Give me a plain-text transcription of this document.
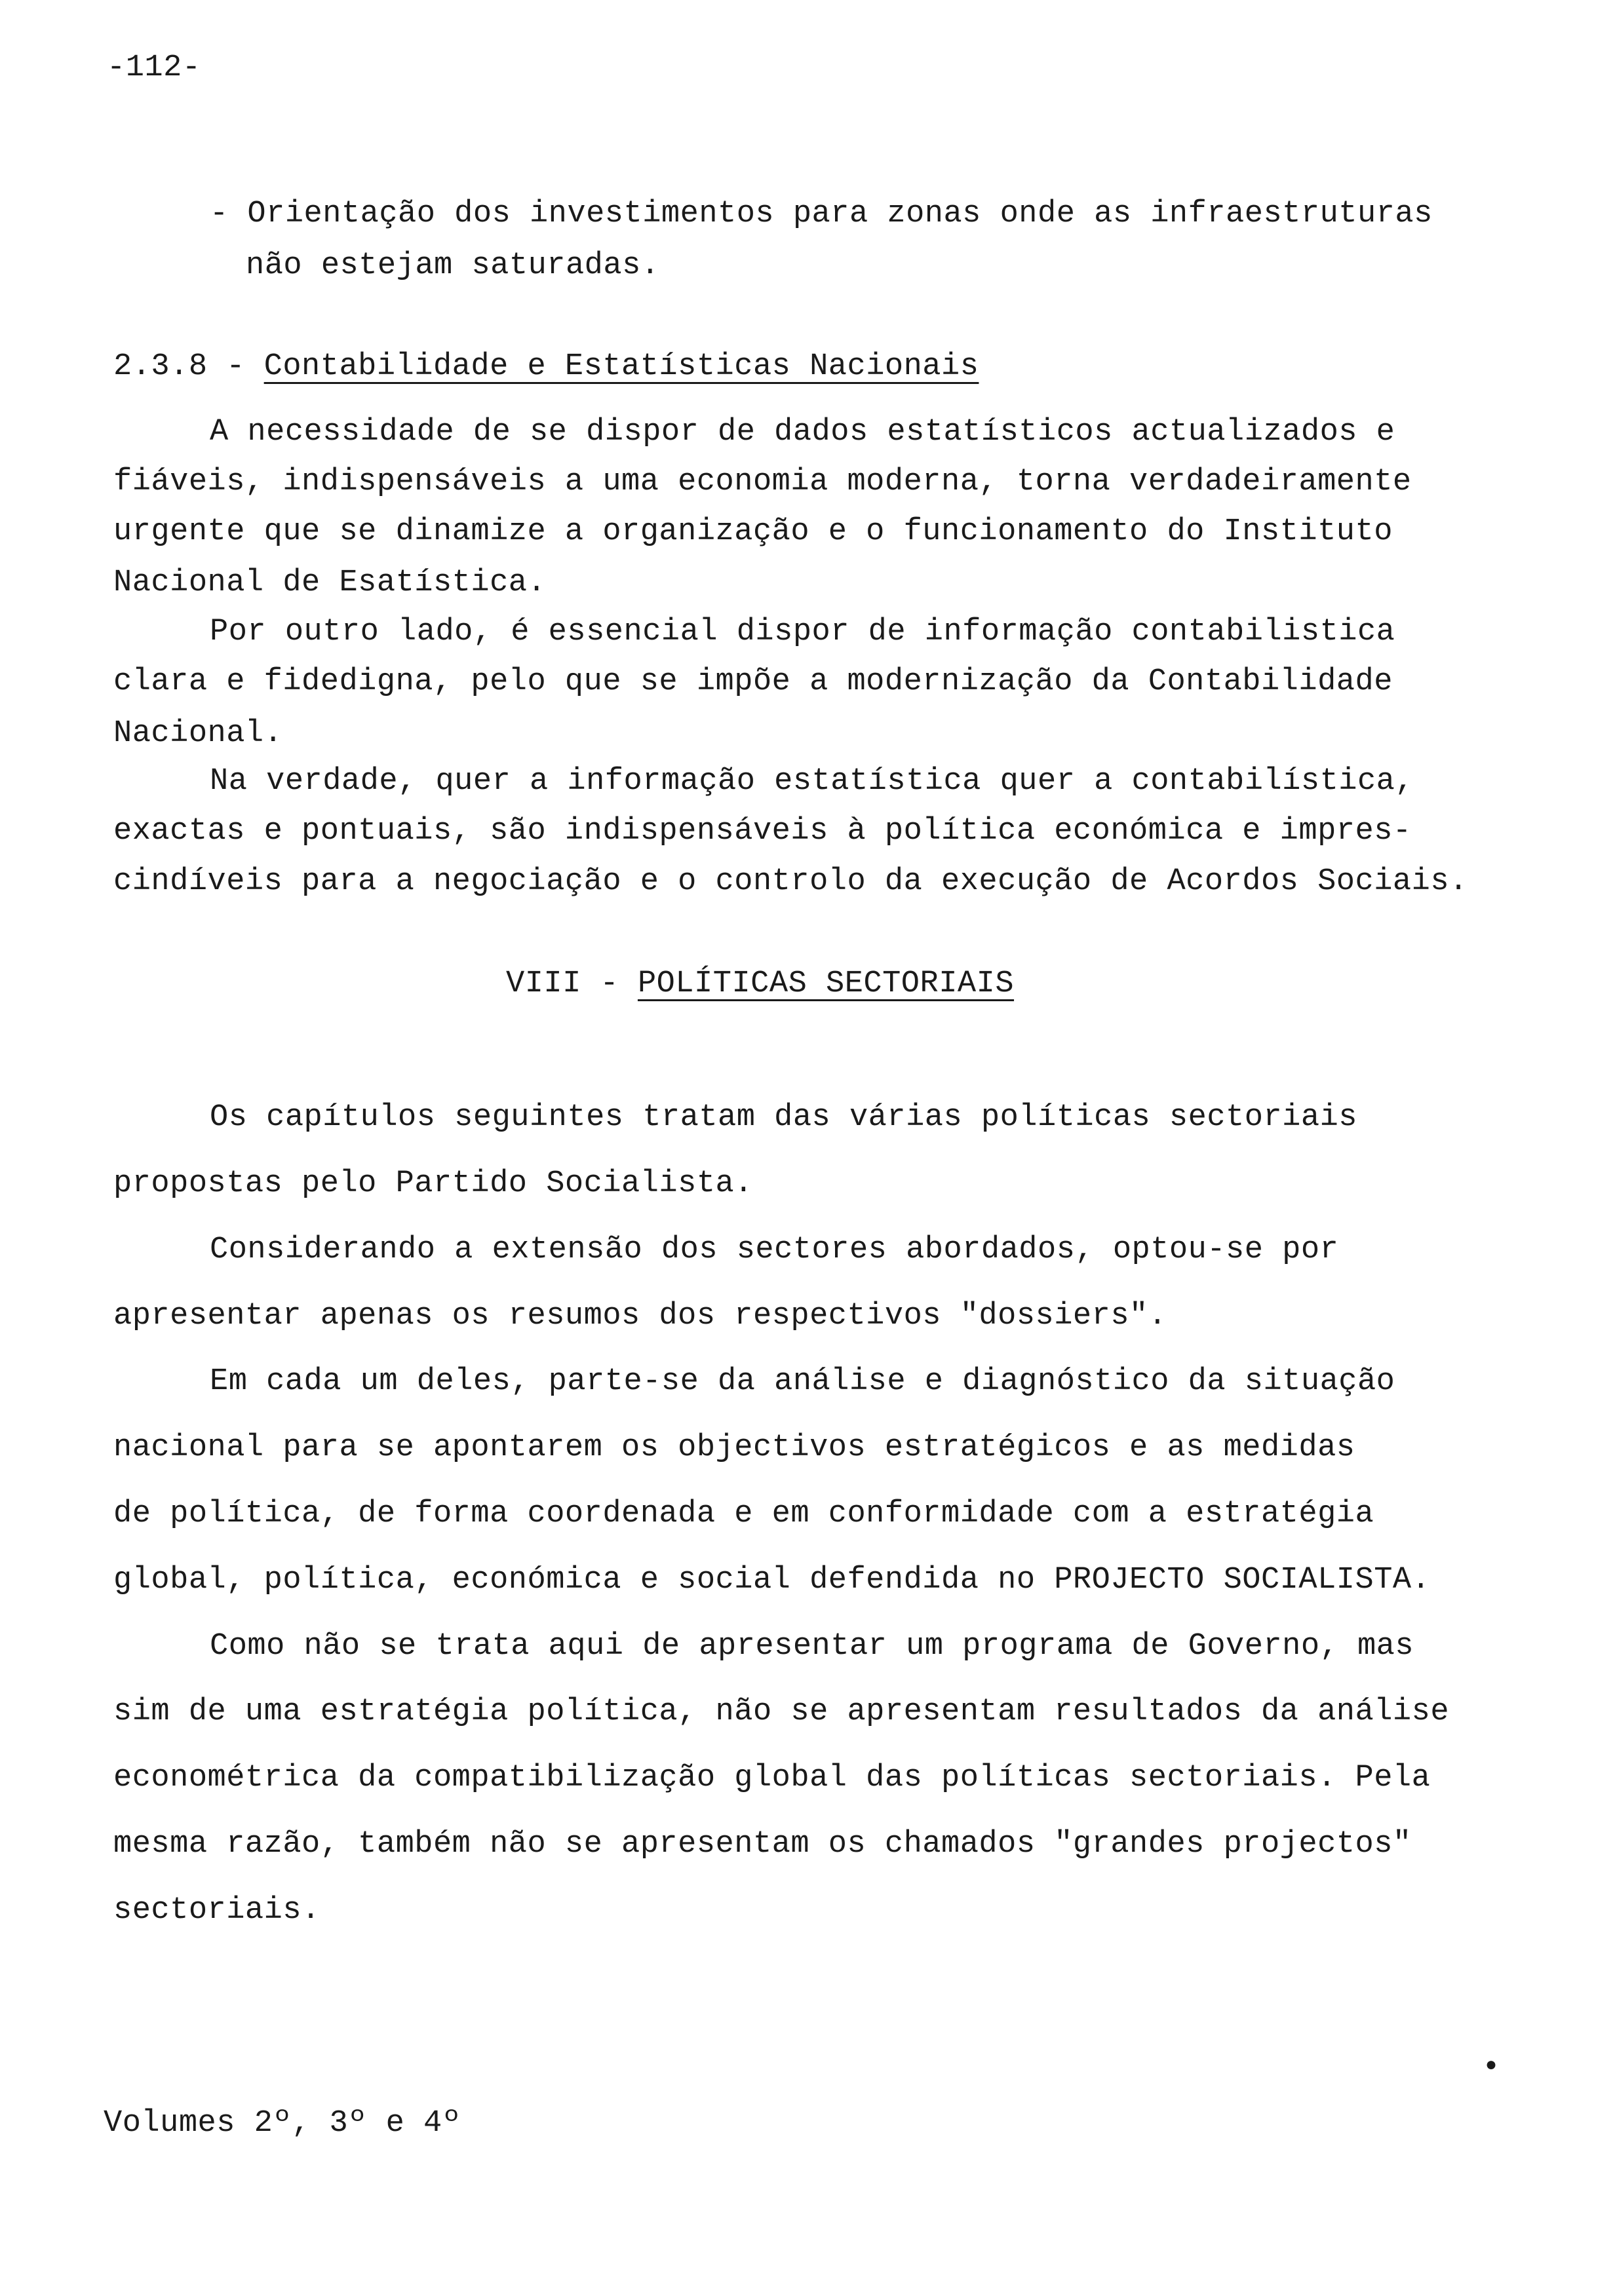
-112-
- Orientação dos investimentos para zonas onde as infraestruturas
não estejam saturadas.
2.3.8 - Contabilidade e Estatísticas Nacionais
A necessidade de se dispor de dados estatísticos actualizados e
fiáveis, indispensáveis a uma economia moderna, torna verdadeiramente
urgente que se dinamize a organização e o funcionamento do Instituto
Nacional de Esatística.
Por outro lado, é essencial dispor de informação contabilistica
clara e fidedigna, pelo que se impõe a modernização da Contabilidade
Nacional.
Na verdade, quer a informação estatística quer a contabilística,
exactas e pontuais, são indispensáveis à política económica e impres-
cindíveis para a negociação e o controlo da execução de Acordos Sociais.
VIII - POLÍTICAS SECTORIAIS
Os capítulos seguintes tratam das várias políticas sectoriais
propostas pelo Partido Socialista.
Considerando a extensão dos sectores abordados, optou-se por
apresentar apenas os resumos dos respectivos "dossiers".
Em cada um deles, parte-se da análise e diagnóstico da situação
nacional para se apontarem os objectivos estratégicos e as medidas
de política, de forma coordenada e em conformidade com a estratégia
global, política, económica e social defendida no PROJECTO SOCIALISTA.
Como não se trata aqui de apresentar um programa de Governo, mas
sim de uma estratégia política, não se apresentam resultados da análise
econométrica da compatibilização global das políticas sectoriais. Pela
mesma razão, também não se apresentam os chamados "grandes projectos"
sectoriais.
●
Volumes 2º, 3º e 4º
